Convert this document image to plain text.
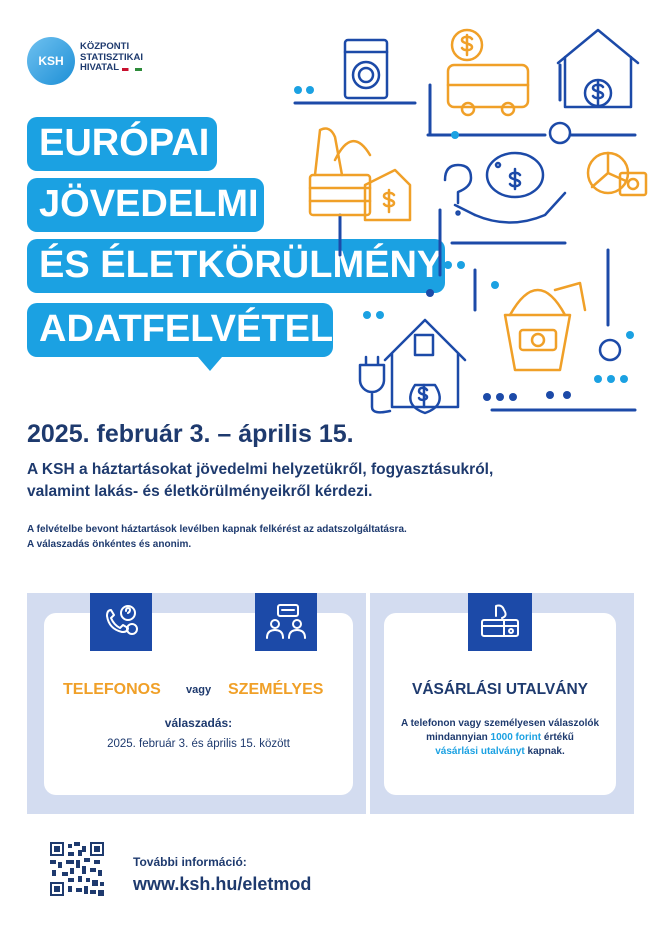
KSH
KÖZPONTI
STATISZTIKAI
HIVATAL
EURÓPAI
JÖVEDELMI
ÉS ÉLETKÖRÜLMÉNY
ADATFELVÉTEL
2025. február 3. – április 15.
A KSH a háztartásokat jövedelmi helyzetükről, fogyasztásukról,
valamint lakás- és életkörülményeikről kérdezi.
A felvételbe bevont háztartások levélben kapnak felkérést az adatszolgáltatásra.
A válaszadás önkéntes és anonim.
TELEFONOS vagy SZEMÉLYES
válaszadás:
2025. február 3. és április 15. között
VÁSÁRLÁSI UTALVÁNY
A telefonon vagy személyesen válaszolók
mindannyian 1000 forint értékű
vásárlási utalványt kapnak.
További információ:
www.ksh.hu/eletmod
